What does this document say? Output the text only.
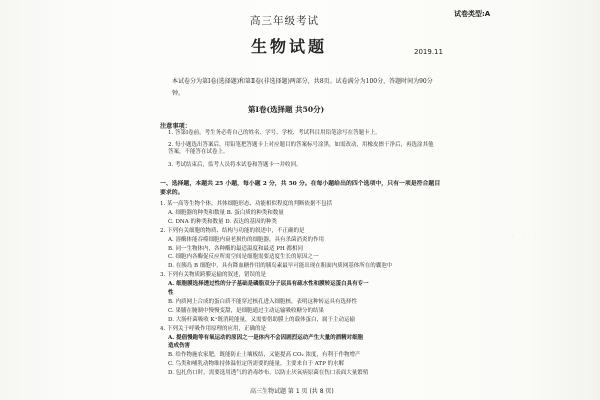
试卷类型:A
高三年级考试
生物试题	2019.11
本试卷分为第Ⅰ卷(选择题)和第Ⅱ卷(非选择题)两部分，共8页。试卷满分为100分，答题时间为90分钟。
第Ⅰ卷(选择题 共50分)
注意事项：
1. 答第Ⅰ卷前，考生务必将自己的姓名、学号、学校、考试科目用铅笔涂写在答题卡上。
2. 每小题选出答案后，用铅笔把答题卡上对应题目的答案标号涂黑，如需改动，用橡皮擦干净后，再选涂其他答案，不能答在试卷上。
3. 考试结束后，监考人员将本试卷和答题卡一并收回。
一、选择题，本题共 25 小题，每小题 2 分，共 50 分。在每小题给出的四个选项中，只有一项是符合题目要求的。
1. 某一高等生物个体，其体细胞形态、功能相似程度的判断依据不包括
A. 细胞器的种类和数量 B. 蛋白质的种类和数量
C. DNA 的种类和数量 D. 表达的基因的种类
2. 下列有关细胞的物质、结构与功能的叙述中，不正确的是
A. 溶酶体能吞噬细胞内衰老损伤的细胞器，具有杀菌消炎的作用
B. 同一生物体内，各种酶的最适温度和最适 PH 都相同
C. 细胞内各酶促反应所需空间是细胞需要适度生长的原因之一
D. 在胰岛 B 细胞中，具有降血糖作用的胰岛素最早可能出现在粗面内质网基体所在的囊泡中
3. 下列有关物质跨膜运输的叙述，错误的是
A. 细胞膜选择透过性的分子基础是磷脂双分子层具有疏水性和膜转运蛋白具有专一
性
B. 内质网上合成的蛋白质不能穿过核孔进入细胞核，表明这种转运具有选择性
C. 果脯在腌制中慢慢变甜，是细胞通过主动运输吸收糖分的结果
D. 大肠杆菌吸收 K⁺既消耗能量，又需要借助膜上的载体蛋白，属于主动运输
4. 下列关于呼吸作用原理的应用，正确的是
A. 提倡慢跑等有氧运动的原因之一是体内不会因剧烈运动产生大量的酒精对细胞
造成伤害
B. 给作物施农家肥，既能防止土壤板结，又能提高 CO₂ 浓度，有利于作物增产
C. 鸟类和哺乳动物维持体温恒定所需要的能量，主要来自于 ATP 的水解
D. 包扎伤口时，需要选用透气的消毒纱布，以防止厌氧病原菌在伤口表面大量繁殖
高三生物试题 第 1 页 (共 8 页)
· · · · ·
